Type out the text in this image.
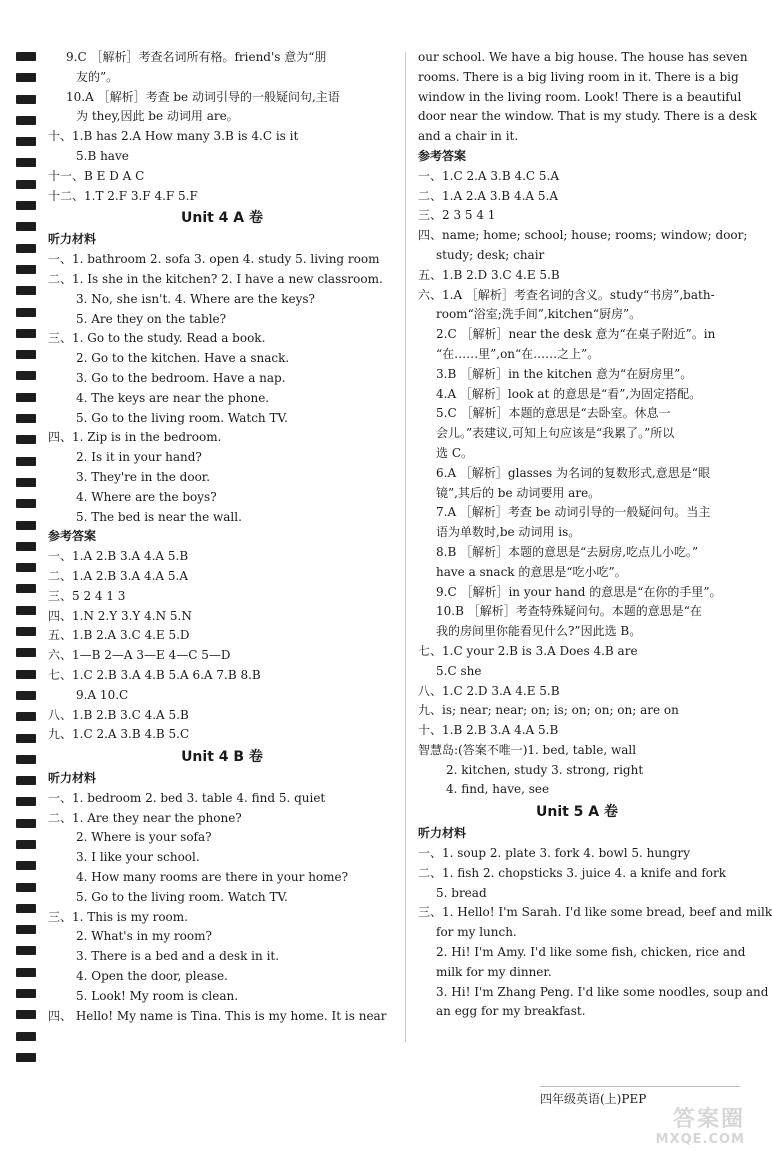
9.C ［解析］考查名词所有格。friend's 意为“朋
友的”。
10.A ［解析］考查 be 动词引导的一般疑问句,主语
为 they,因此 be 动词用 are。
十、1.B has 2.A How many 3.B is 4.C is it
5.B have
十一、B E D A C
十二、1.T 2.F 3.F 4.F 5.F
Unit 4 A 卷
听力材料
一、1. bathroom 2. sofa 3. open 4. study 5. living room
二、1. Is she in the kitchen? 2. I have a new classroom.
3. No, she isn't. 4. Where are the keys?
5. Are they on the table?
三、1. Go to the study. Read a book.
2. Go to the kitchen. Have a snack.
3. Go to the bedroom. Have a nap.
4. The keys are near the phone.
5. Go to the living room. Watch TV.
四、1. Zip is in the bedroom.
2. Is it in your hand?
3. They're in the door.
4. Where are the boys?
5. The bed is near the wall.
参考答案
一、1.A 2.B 3.A 4.A 5.B
二、1.A 2.B 3.A 4.A 5.A
三、5 2 4 1 3
四、1.N 2.Y 3.Y 4.N 5.N
五、1.B 2.A 3.C 4.E 5.D
六、1—B 2—A 3—E 4—C 5—D
七、1.C 2.B 3.A 4.B 5.A 6.A 7.B 8.B
9.A 10.C
八、1.B 2.B 3.C 4.A 5.B
九、1.C 2.A 3.B 4.B 5.C
Unit 4 B 卷
听力材料
一、1. bedroom 2. bed 3. table 4. find 5. quiet
二、1. Are they near the phone?
2. Where is your sofa?
3. I like your school.
4. How many rooms are there in your home?
5. Go to the living room. Watch TV.
三、1. This is my room.
2. What's in my room?
3. There is a bed and a desk in it.
4. Open the door, please.
5. Look! My room is clean.
四、 Hello! My name is Tina. This is my home. It is near
our school. We have a big house. The house has seven
rooms. There is a big living room in it. There is a big
window in the living room. Look! There is a beautiful
door near the window. That is my study. There is a desk
and a chair in it.
参考答案
一、1.C 2.A 3.B 4.C 5.A
二、1.A 2.A 3.B 4.A 5.A
三、2 3 5 4 1
四、name; home; school; house; rooms; window; door;
study; desk; chair
五、1.B 2.D 3.C 4.E 5.B
六、1.A ［解析］考查名词的含义。study“书房”,bath-
room“浴室;洗手间”,kitchen“厨房”。
2.C ［解析］near the desk 意为“在桌子附近”。in
“在……里”,on“在……之上”。
3.B ［解析］in the kitchen 意为“在厨房里”。
4.A ［解析］look at 的意思是“看”,为固定搭配。
5.C ［解析］本题的意思是“去卧室。休息一
会儿。”表建议,可知上句应该是“我累了。”所以
选 C。
6.A ［解析］glasses 为名词的复数形式,意思是“眼
镜”,其后的 be 动词要用 are。
7.A ［解析］考查 be 动词引导的一般疑问句。当主
语为单数时,be 动词用 is。
8.B ［解析］本题的意思是“去厨房,吃点儿小吃。”
have a snack 的意思是“吃小吃”。
9.C ［解析］in your hand 的意思是“在你的手里”。
10.B ［解析］考查特殊疑问句。本题的意思是“在
我的房间里你能看见什么?”因此选 B。
七、1.C your 2.B is 3.A Does 4.B are
5.C she
八、1.C 2.D 3.A 4.E 5.B
九、is; near; near; on; is; on; on; on; are on
十、1.B 2.B 3.A 4.A 5.B
智慧岛:(答案不唯一)1. bed, table, wall
2. kitchen, study 3. strong, right
4. find, have, see
Unit 5 A 卷
听力材料
一、1. soup 2. plate 3. fork 4. bowl 5. hungry
二、1. fish 2. chopsticks 3. juice 4. a knife and fork
5. bread
三、1. Hello! I'm Sarah. I'd like some bread, beef and milk
for my lunch.
2. Hi! I'm Amy. I'd like some fish, chicken, rice and
milk for my dinner.
3. Hi! I'm Zhang Peng. I'd like some noodles, soup and
an egg for my breakfast.
四年级英语(上)PEP
答案圈
MXQE.COM
